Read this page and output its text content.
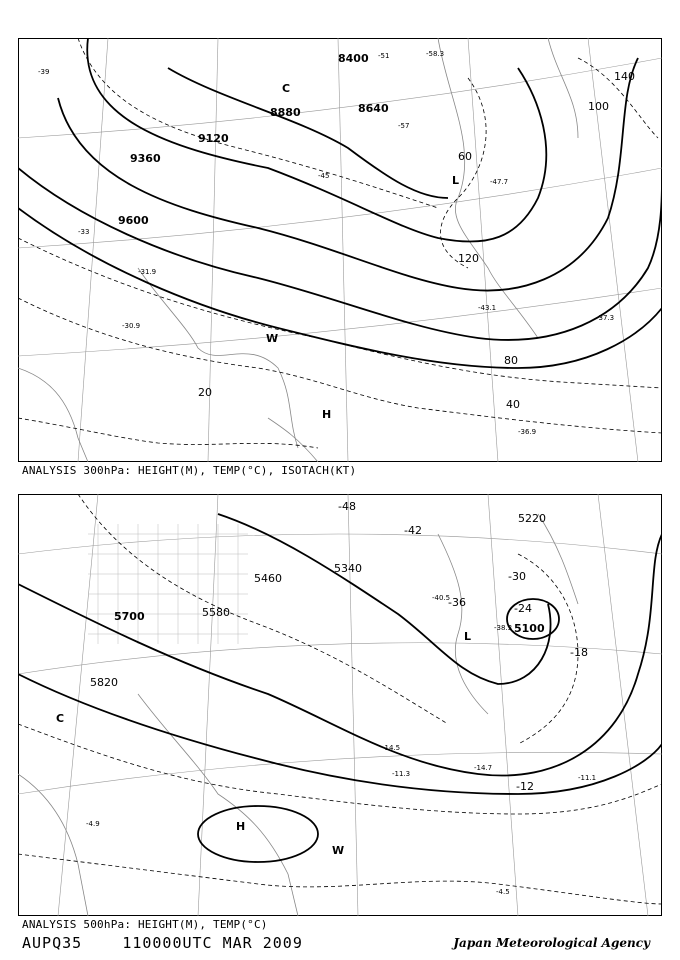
8400
8640
8880
9120
9360
9600
20
40
60
80
100
120
140
-39
-45
-51
-57
-33
-58.3
-47.7
-43.1
-37.3
-31.9
-30.9
-36.9
H
W
L
C
ANALYSIS 300hPa: HEIGHT(M), TEMP(°C), ISOTACH(KT)
5100
5220
5340
5460
5580
5700
5820
-48
-42
-36
-30
-24
-18
-12
-14.7
-11.1
-4.5
-38.3
-40.5
-14.5
-11.3
-4.9	H
W
L
C
ANALYSIS 500hPa: HEIGHT(M), TEMP(°C)
AUPQ35	110000UTC MAR 2009	Japan Meteorological Agency
